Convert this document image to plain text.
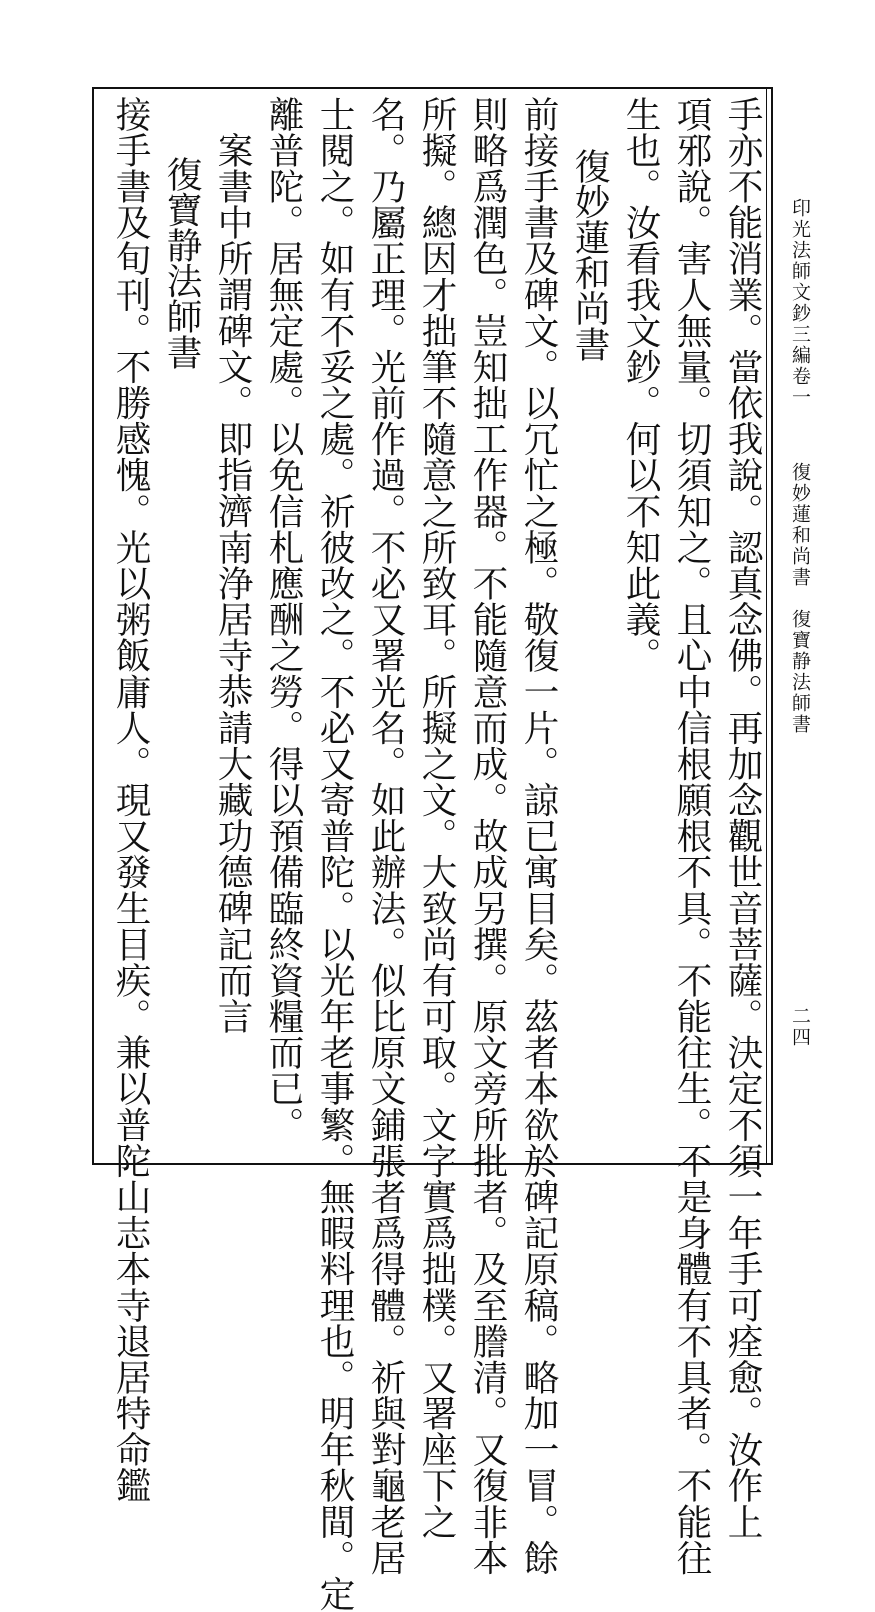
印光法師文鈔三編卷一
復妙蓮和尚書　復寶静法師書
二四
手亦不能消業。當依我說。認真念佛。再加念觀世音菩薩。決定不須一年手可痊愈。汝作上
項邪說。害人無量。切須知之。且心中信根願根不具。不能往生。不是身體有不具者。不能往
生也。汝看我文鈔。何以不知此義。
復妙蓮和尚書
前接手書及碑文。以冗忙之極。敬復一片。諒已寓目矣。茲者本欲於碑記原稿。略加一冒。餘
則略爲潤色。豈知拙工作器。不能隨意而成。故成另撰。原文旁所批者。及至謄清。又復非本
所擬。總因才拙筆不隨意之所致耳。所擬之文。大致尚有可取。文字實爲拙樸。又署座下之
名。乃屬正理。光前作過。不必又署光名。如此辦法。似比原文鋪張者爲得體。祈與對龜老居
士閱之。如有不妥之處。祈彼改之。不必又寄普陀。以光年老事繁。無暇料理也。明年秋間。定
離普陀。居無定處。以免信札應酬之勞。得以預備臨終資糧而已。
案書中所謂碑文。即指濟南浄居寺恭請大藏功德碑記而言
復寶静法師書
接手書及旬刊。不勝感愧。光以粥飯庸人。現又發生目疾。兼以普陀山志本寺退居特命鑑
